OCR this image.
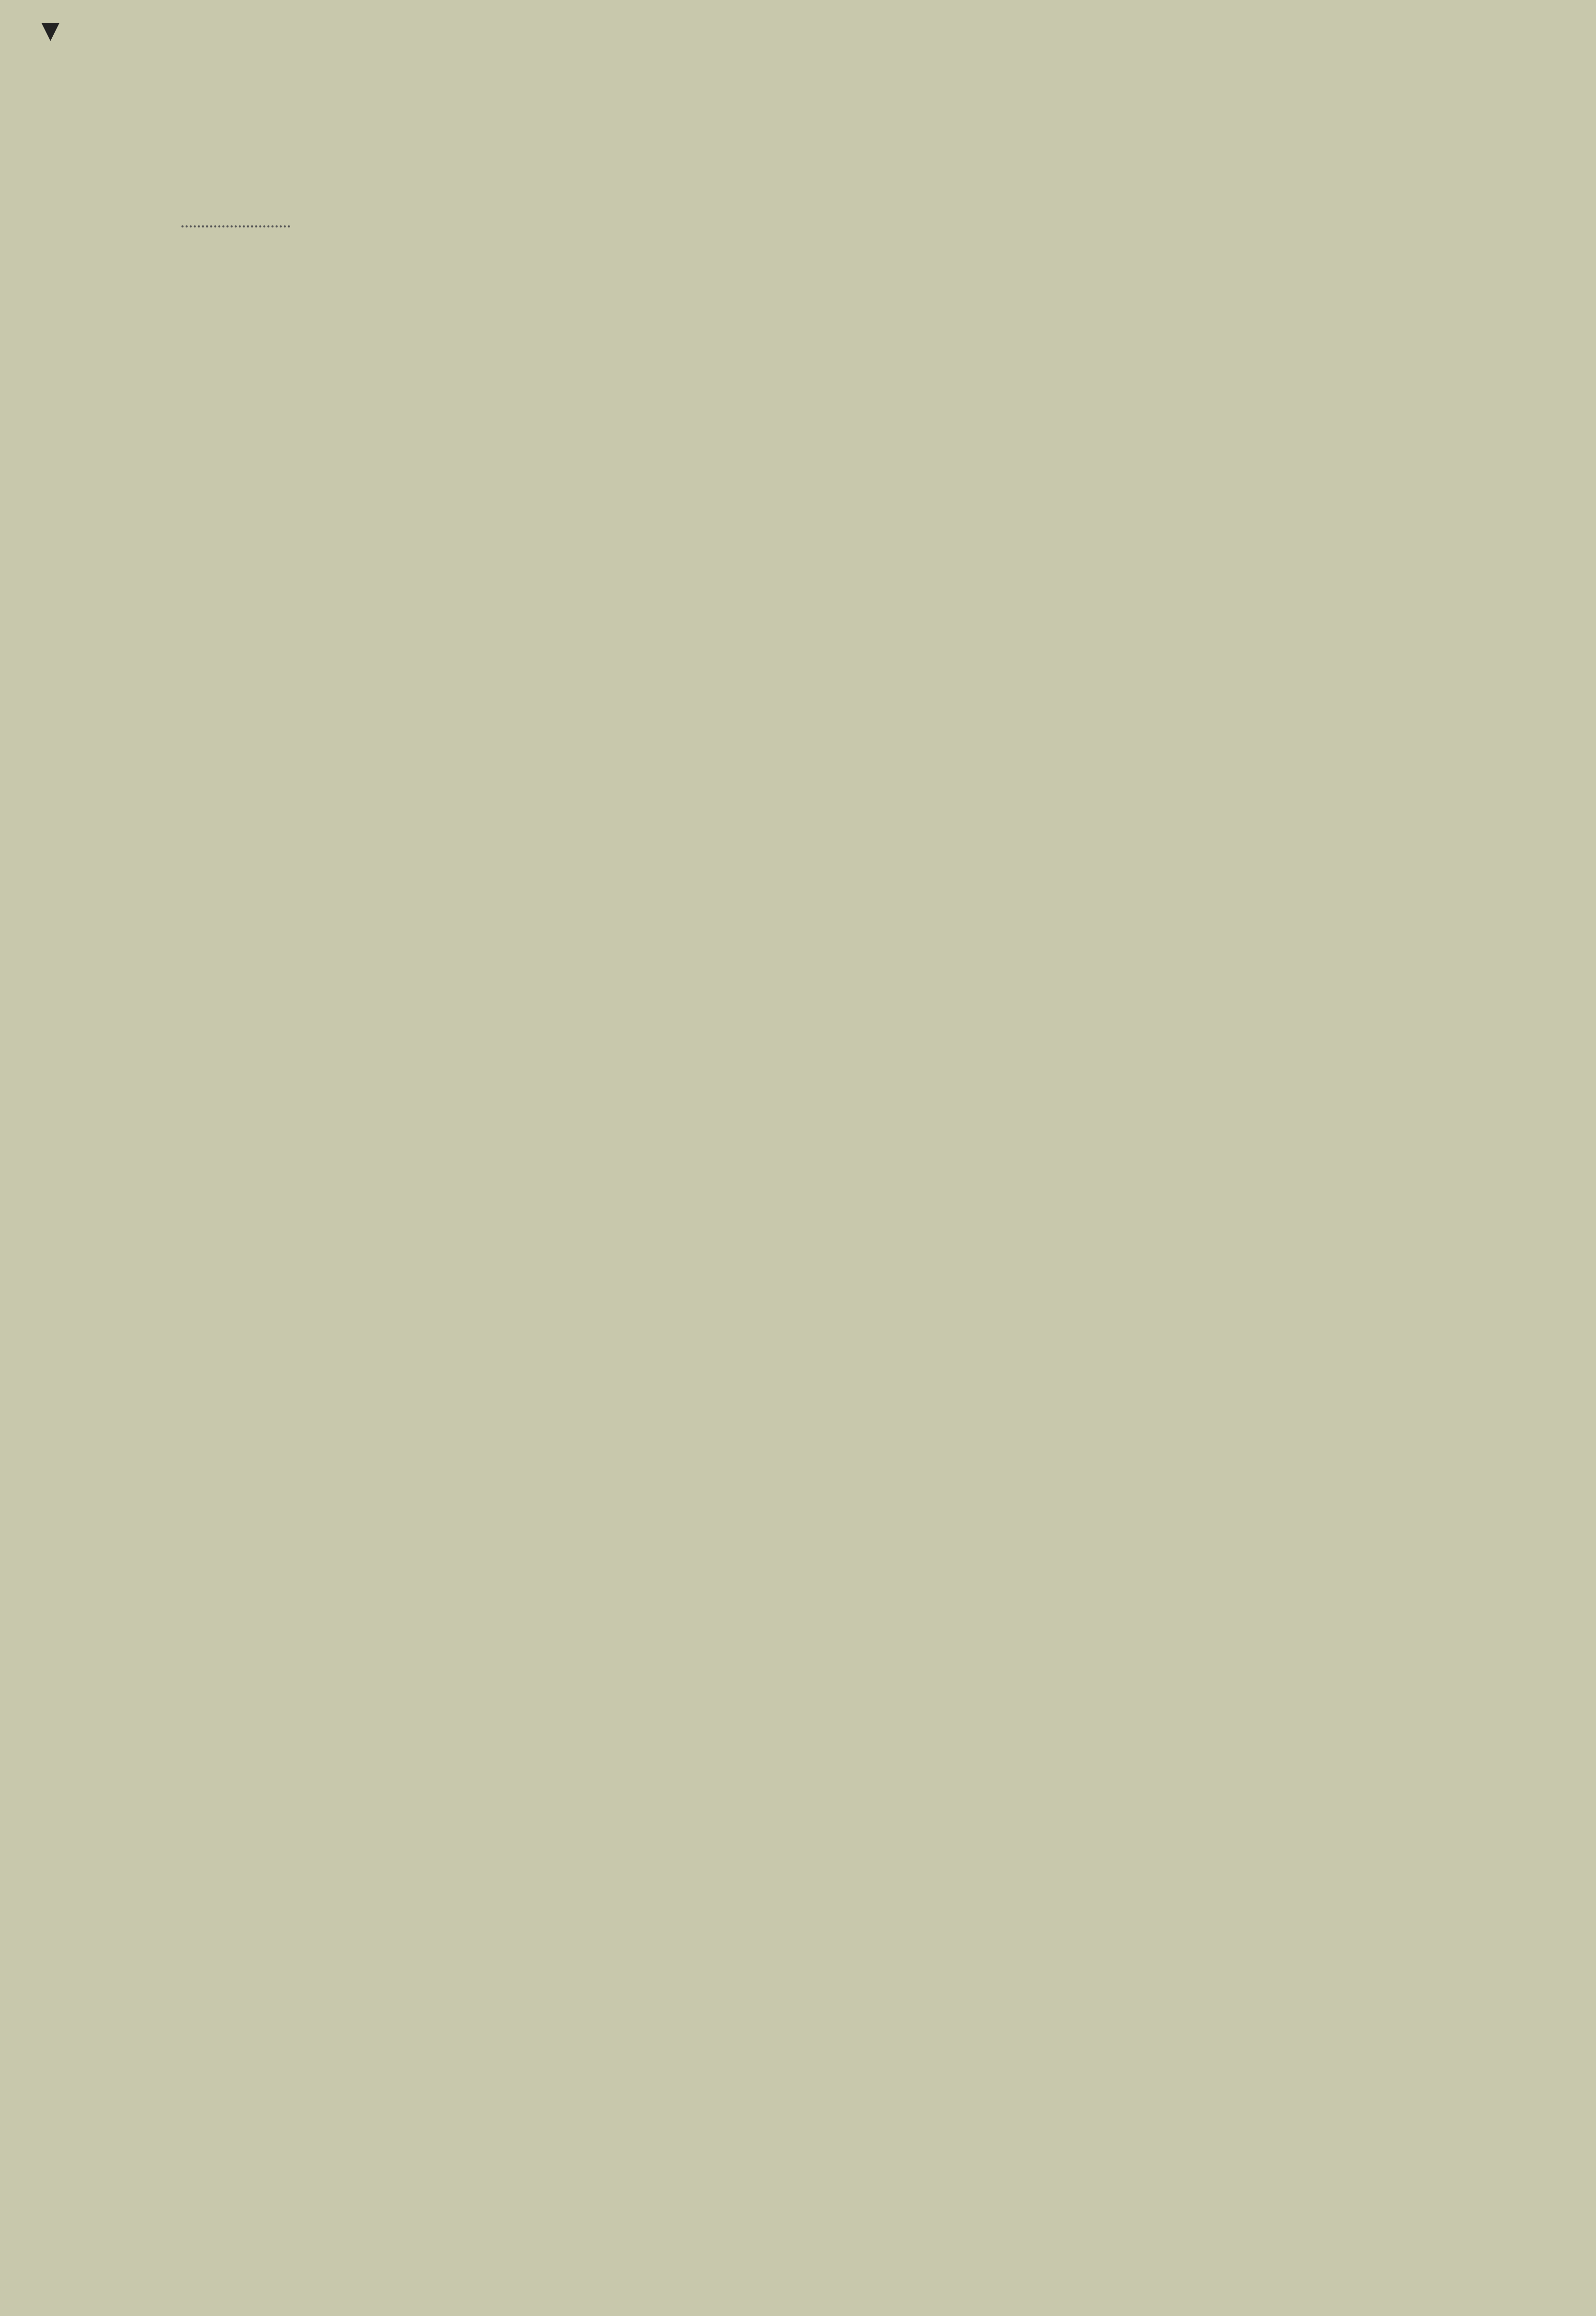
▾
